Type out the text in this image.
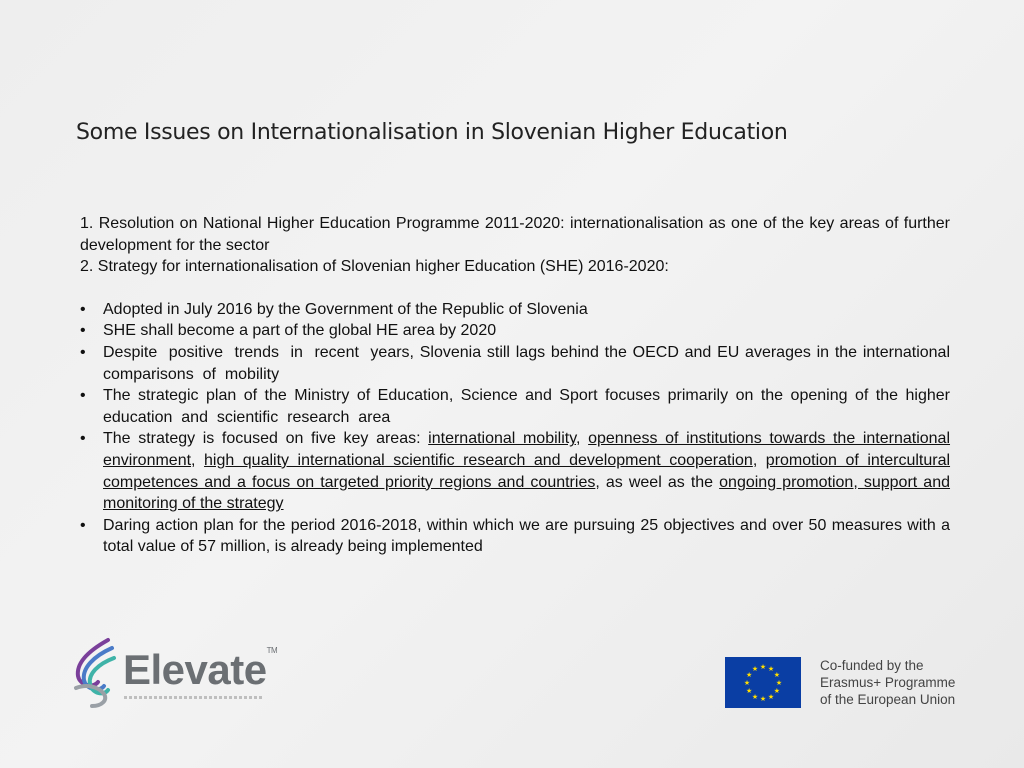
Some Issues on Internationalisation in Slovenian Higher Education

1. Resolution on National Higher Education Programme 2011-2020: internationalisation as one of the key areas of further development for the sector

2. Strategy for internationalisation of Slovenian higher Education (SHE) 2016-2020:

• Adopted in July 2016 by the Government of the Republic of Slovenia
• SHE shall become a part of the global HE area by 2020
• Despite  positive  trends  in  recent  years, Slovenia still lags behind the OECD and EU averages in the international  comparisons  of  mobility
• The strategic plan of the Ministry of Education, Science and Sport focuses primarily on the opening of the higher education  and  scientific  research  area
• The strategy is focused on five key areas: international mobility, openness of institutions towards the international environment, high quality international scientific research and development cooperation, promotion of intercultural competences and a focus on targeted priority regions and countries, as weel as the ongoing promotion, support and monitoring of the strategy
• Daring action plan for the period 2016-2018, within which we are pursuing 25 objectives and over 50 measures with a total value of 57 million, is already being implemented
Elevate™
★ ★
★
★
★
★
★
★
★
★
★
★	Co-funded by the
Erasmus+ Programme
of the European Union
